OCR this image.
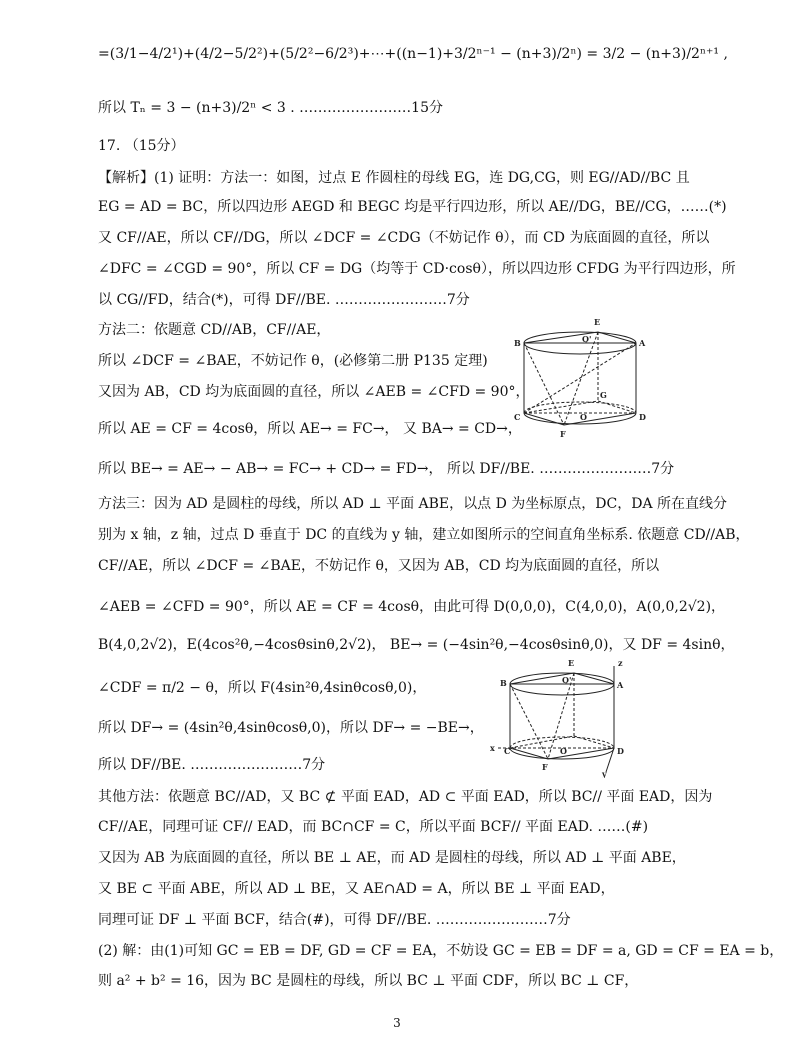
=(3/1−4/2¹)+(4/2−5/2²)+(5/2²−6/2³)+⋯+((n−1)+3/2ⁿ⁻¹ − (n+3)/2ⁿ) = 3/2 − (n+3)/2ⁿ⁺¹ ,
所以 Tₙ = 3 − (n+3)/2ⁿ < 3 . ……………………15分
17. （15分）
【解析】(1) 证明：方法一：如图，过点 E 作圆柱的母线 EG，连 DG,CG，则 EG//AD//BC 且
EG = AD = BC，所以四边形 AEGD 和 BEGC 均是平行四边形，所以 AE//DG，BE//CG，……(*)
又 CF//AE，所以 CF//DG，所以 ∠DCF = ∠CDG（不妨记作 θ），而 CD 为底面圆的直径，所以
∠DFC = ∠CGD = 90°，所以 CF = DG（均等于 CD·cosθ），所以四边形 CFDG 为平行四边形，所
以 CG//FD，结合(*)，可得 DF//BE. ……………………7分
方法二：依题意 CD//AB，CF//AE，
所以 ∠DCF = ∠BAE，不妨记作 θ，(必修第二册 P135 定理)
又因为 AB，CD 均为底面圆的直径，所以 ∠AEB = ∠CFD = 90°，
所以 AE = CF = 4cosθ，所以 AE→ = FC→， 又 BA→ = CD→，
所以 BE→ = AE→ − AB→ = FC→ + CD→ = FD→， 所以 DF//BE. ……………………7分
方法三：因为 AD 是圆柱的母线，所以 AD ⊥ 平面 ABE，以点 D 为坐标原点，DC，DA 所在直线分
别为 x 轴，z 轴，过点 D 垂直于 DC 的直线为 y 轴，建立如图所示的空间直角坐标系. 依题意 CD//AB，
CF//AE，所以 ∠DCF = ∠BAE，不妨记作 θ，又因为 AB，CD 均为底面圆的直径，所以
∠AEB = ∠CFD = 90°，所以 AE = CF = 4cosθ，由此可得 D(0,0,0)，C(4,0,0)，A(0,0,2√2)，
B(4,0,2√2)，E(4cos²θ,−4cosθsinθ,2√2)， BE→ = (−4sin²θ,−4cosθsinθ,0)，又 DF = 4sinθ，
∠CDF = π/2 − θ，所以 F(4sin²θ,4sinθcosθ,0)，
所以 DF→ = (4sin²θ,4sinθcosθ,0)，所以 DF→ = −BE→，
所以 DF//BE. ……………………7分
其他方法：依题意 BC//AD，又 BC ⊄ 平面 EAD，AD ⊂ 平面 EAD，所以 BC// 平面 EAD，因为
CF//AE，同理可证 CF// EAD，而 BC∩CF = C，所以平面 BCF// 平面 EAD. ……(#)
又因为 AB 为底面圆的直径，所以 BE ⊥ AE，而 AD 是圆柱的母线，所以 AD ⊥ 平面 ABE，
又 BE ⊂ 平面 ABE，所以 AD ⊥ BE，又 AE∩AD = A，所以 BE ⊥ 平面 EAD，
同理可证 DF ⊥ 平面 BCF，结合(#)，可得 DF//BE. ……………………7分
(2) 解：由(1)可知 GC = EB = DF, GD = CF = EA，不妨设 GC = EB = DF = a, GD = CF = EA = b，
则 a² + b² = 16，因为 BC 是圆柱的母线，所以 BC ⊥ 平面 CDF，所以 BC ⊥ CF，
E
B	Q'	A
G
C	O	D
F
E	z
B	Q'	A
x C	O	D
F
y
3
